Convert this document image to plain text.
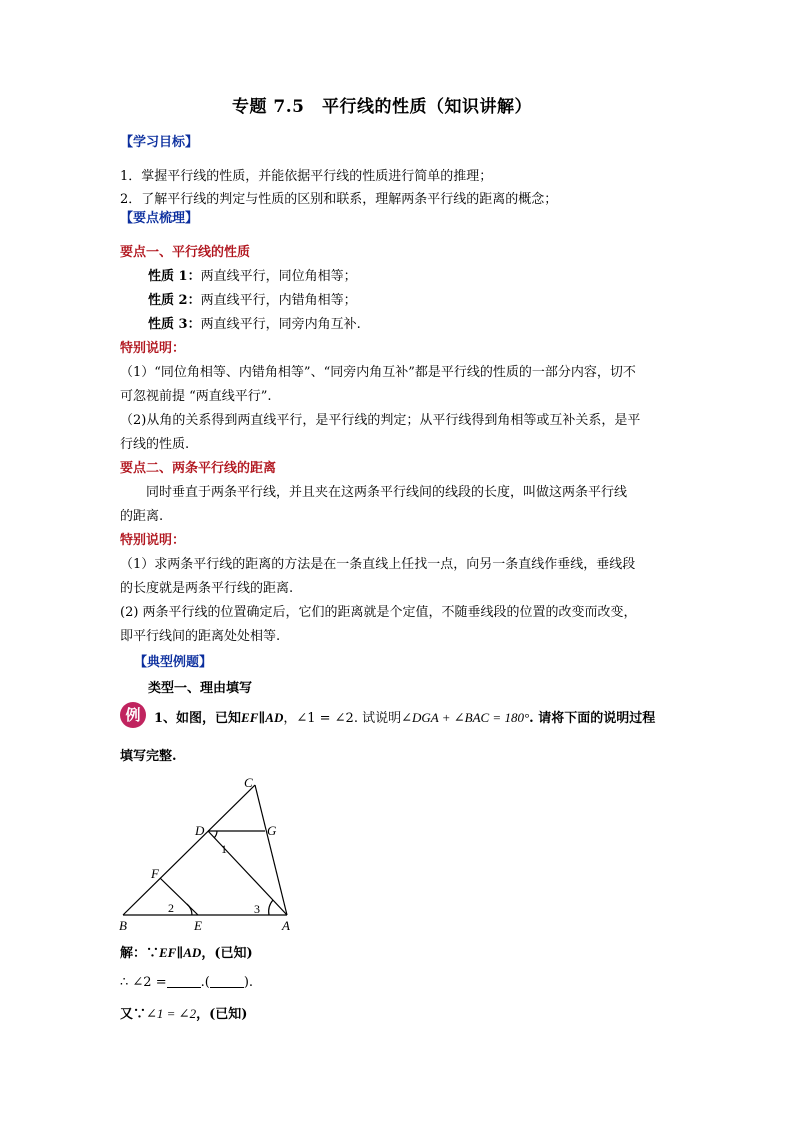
专题 7.5　平行线的性质（知识讲解）
【学习目标】
1．掌握平行线的性质，并能依据平行线的性质进行简单的推理；
2．了解平行线的判定与性质的区别和联系，理解两条平行线的距离的概念；
【要点梳理】
要点一、平行线的性质
性质 1：两直线平行，同位角相等；
性质 2：两直线平行，内错角相等；
性质 3：两直线平行，同旁内角互补.
特别说明：
（1）“同位角相等、内错角相等”、“同旁内角互补”都是平行线的性质的一部分内容，切不
可忽视前提 “两直线平行”.
（2)从角的关系得到两直线平行，是平行线的判定；从平行线得到角相等或互补关系，是平
行线的性质.
要点二、两条平行线的距离
同时垂直于两条平行线，并且夹在这两条平行线间的线段的长度，叫做这两条平行线
的距离.
特别说明：
（1）求两条平行线的距离的方法是在一条直线上任找一点，向另一条直线作垂线，垂线段
的长度就是两条平行线的距离.
(2) 两条平行线的位置确定后，它们的距离就是个定值，不随垂线段的位置的改变而改变，
即平行线间的距离处处相等.
【典型例题】
类型一、理由填写
例	1、如图，已知EF∥AD，∠1 = ∠2. 试说明∠DGA + ∠BAC = 180°. 请将下面的说明过程
填写完整.
C
D	G
1
F
2	3
B	E	A
解：∵EF∥AD，(已知)
∴ ∠2 =	.(	).
又∵∠1 = ∠2，(已知)
